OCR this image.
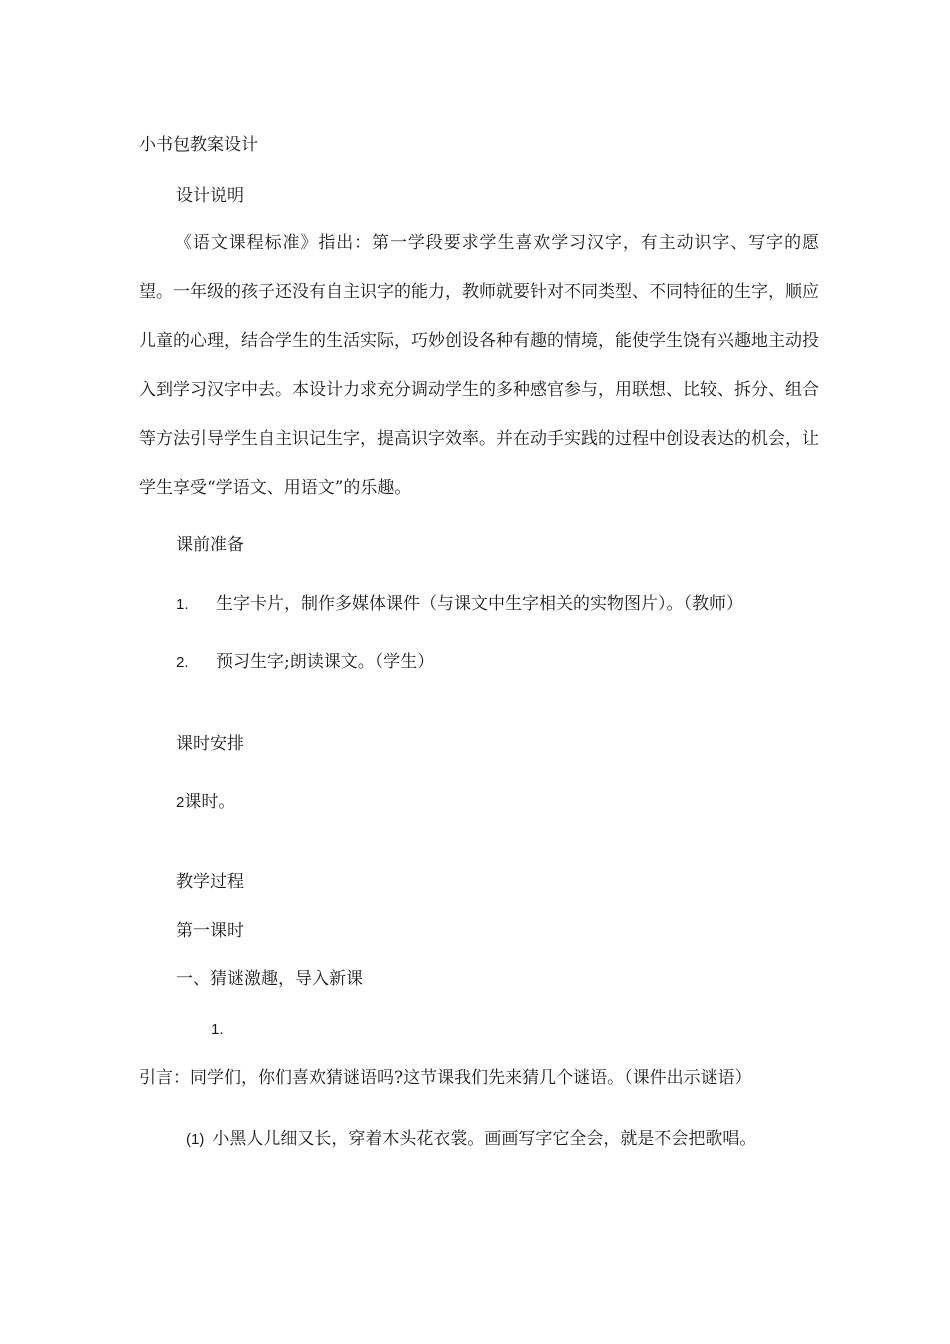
小书包教案设计
设计说明
《语文课程标准》指出：第一学段要求学生喜欢学习汉字，有主动识字、写字的愿望。一年级的孩子还没有自主识字的能力，教师就要针对不同类型、不同特征的生字，顺应儿童的心理，结合学生的生活实际，巧妙创设各种有趣的情境，能使学生饶有兴趣地主动投入到学习汉字中去。本设计力求充分调动学生的多种感官参与，用联想、比较、拆分、组合等方法引导学生自主识记生字，提高识字效率。并在动手实践的过程中创设表达的机会，让学生享受“学语文、用语文”的乐趣。
课前准备
1. 生字卡片，制作多媒体课件（与课文中生字相关的实物图片）。（教师）
2. 预习生字;朗读课文。（学生）
课时安排
2课时。
教学过程
第一课时
一、猜谜激趣，导入新课
1.引言：同学们，你们喜欢猜谜语吗?这节课我们先来猜几个谜语。（课件出示谜语）
(1) 小黑人儿细又长，穿着木头花衣裳。画画写字它全会，就是不会把歌唱。
